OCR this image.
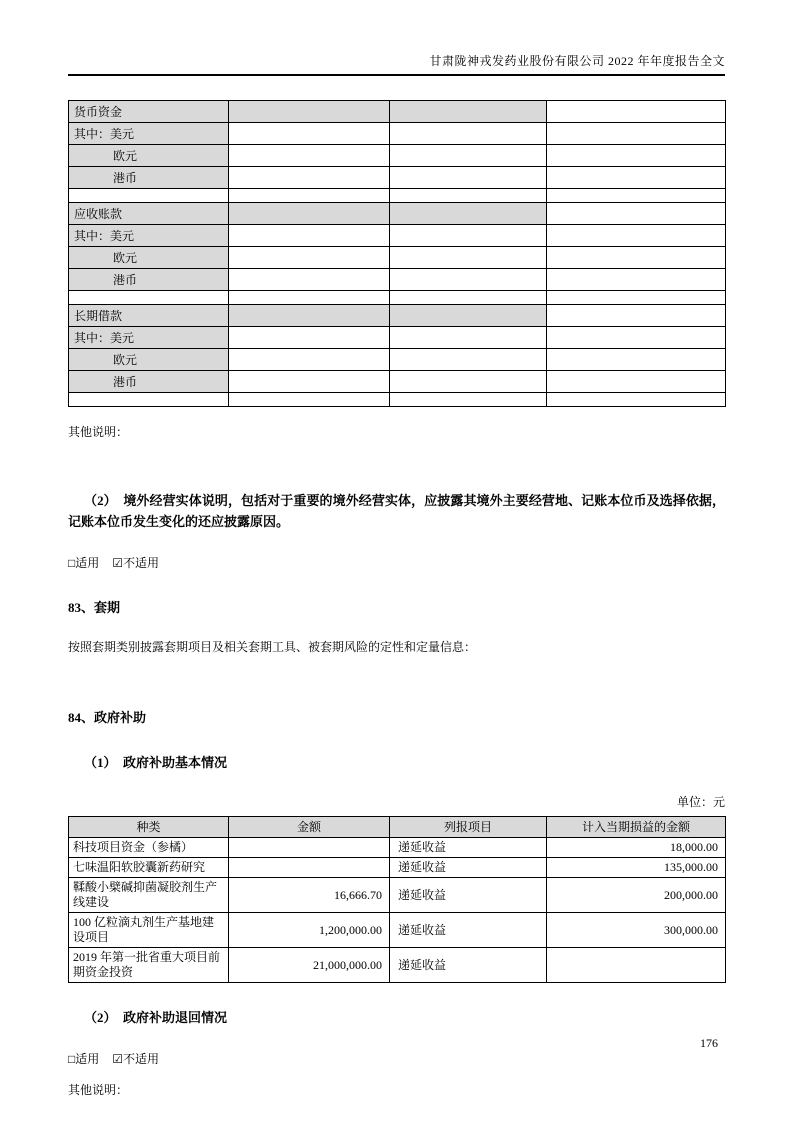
甘肃陇神戎发药业股份有限公司 2022 年年度报告全文
货币资金			
其中：美元			
欧元			
港币			

应收账款			
其中：美元			
欧元			
港币			

长期借款			
其中：美元			
欧元			
港币			

其他说明：

（2）　境外经营实体说明，包括对于重要的境外经营实体，应披露其境外主要经营地、记账本位币及选择依据，记账本位币发生变化的还应披露原因。

□适用 ☑不适用

83、套期

按照套期类别披露套期项目及相关套期工具、被套期风险的定性和定量信息：

84、政府补助
（1）　政府补助基本情况

单位：元

种类	金额	列报项目	计入当期损益的金额
科技项目资金（参橘）		递延收益	18,000.00
七味温阳软胶囊新药研究		递延收益	135,000.00
鞣酸小檗碱抑菌凝胶剂生产线建设	16,666.70	递延收益	200,000.00
100 亿粒滴丸剂生产基地建设项目	1,200,000.00	递延收益	300,000.00
2019 年第一批省重大项目前期资金投资	21,000,000.00	递延收益	
（2）　政府补助退回情况

□适用 ☑不适用

其他说明：

176
